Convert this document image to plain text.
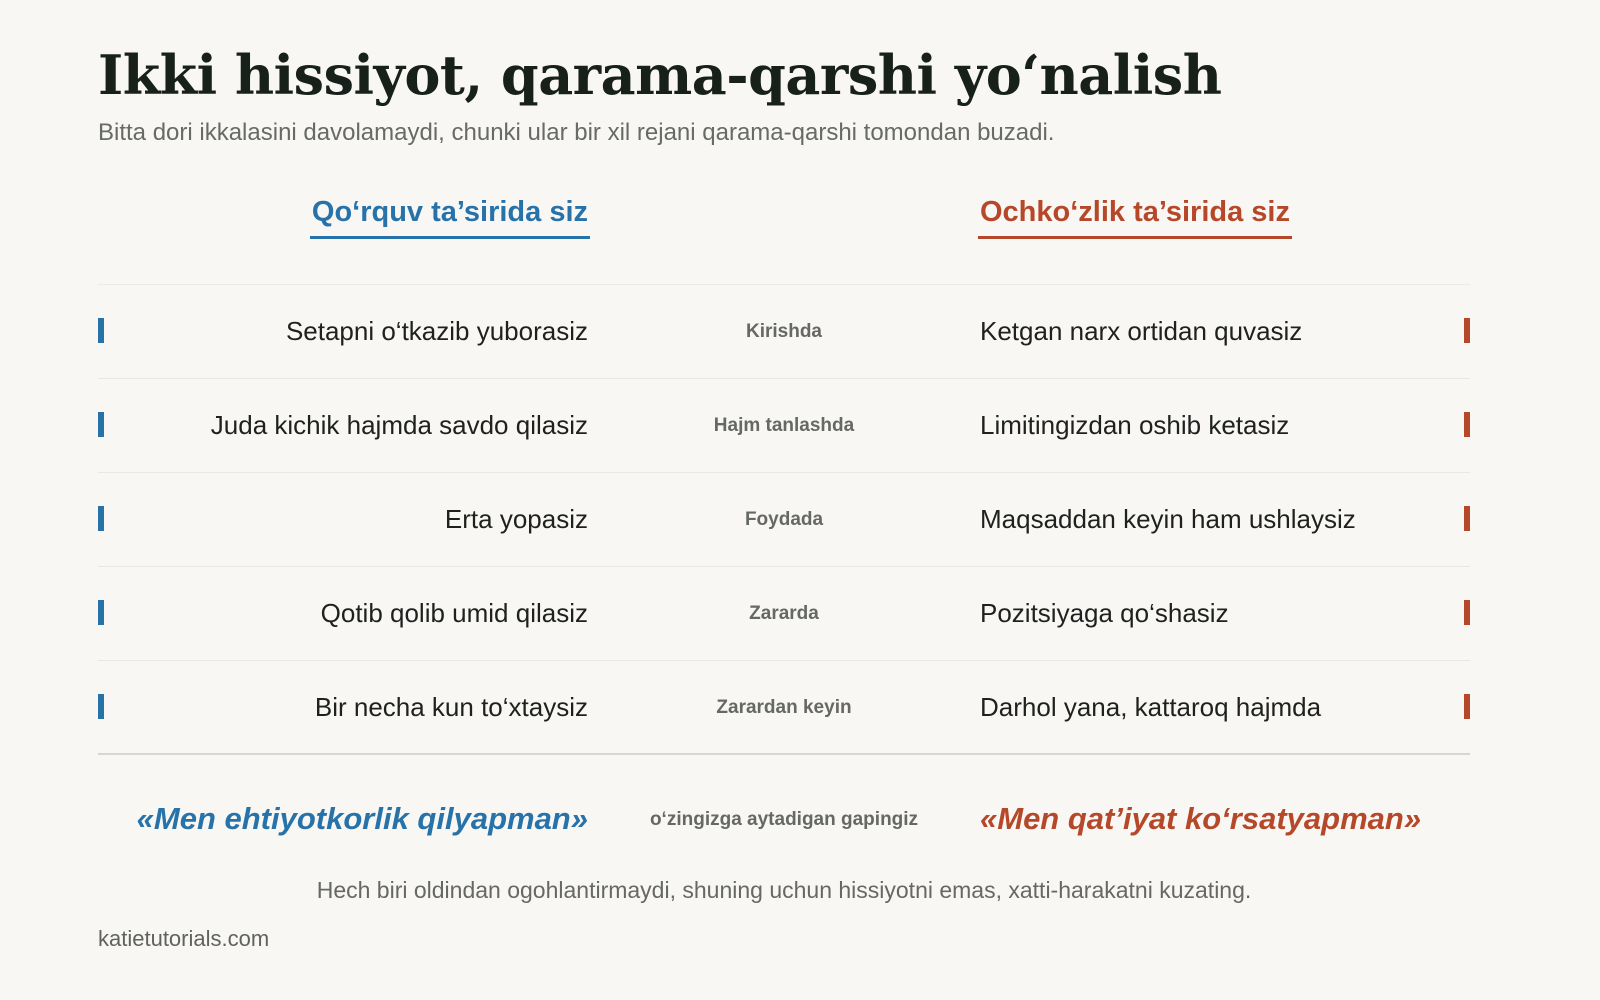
Ikki hissiyot, qarama-qarshi yo‘nalish
Bitta dori ikkalasini davolamaydi, chunki ular bir xil rejani qarama-qarshi tomondan buzadi.
Qo‘rquv ta’sirida siz	Ochko‘zlik ta’sirida siz
Setapni o‘tkazib yuborasiz	Kirishda	Ketgan narx ortidan quvasiz
Juda kichik hajmda savdo qilasiz	Hajm tanlashda	Limitingizdan oshib ketasiz
Erta yopasiz	Foydada	Maqsaddan keyin ham ushlaysiz
Qotib qolib umid qilasiz	Zararda	Pozitsiyaga qo‘shasiz
Bir necha kun to‘xtaysiz	Zarardan keyin	Darhol yana, kattaroq hajmda
«Men ehtiyotkorlik qilyapman»	o‘zingizga aytadigan gapingiz	«Men qat’iyat ko‘rsatyapman»
Hech biri oldindan ogohlantirmaydi, shuning uchun hissiyotni emas, xatti-harakatni kuzating.
katietutorials.com
